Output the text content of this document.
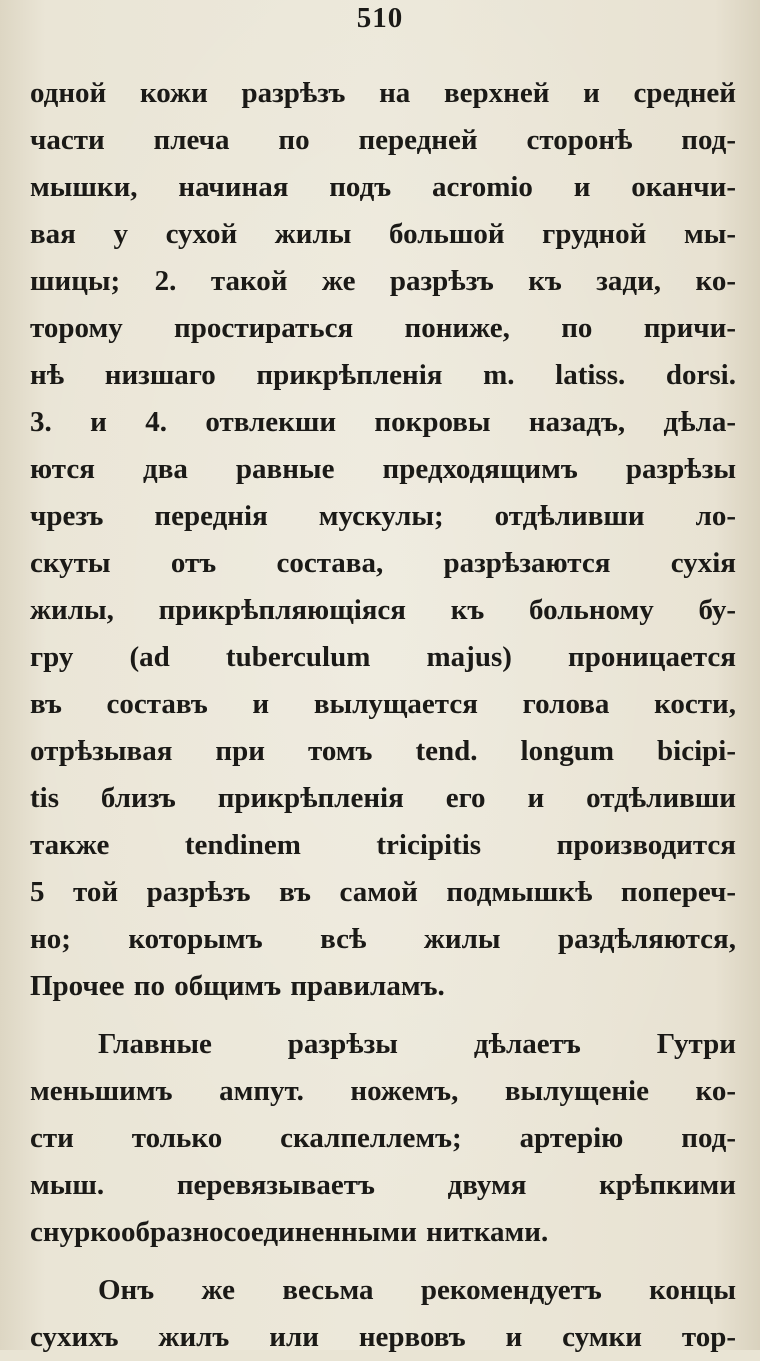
510
одной кожи разрѣзъ на верхней и средней
части плеча по передней сторонѣ под-
мышки, начиная подъ acromio и оканчи-
вая у сухой жилы большой грудной мы-
шицы; 2. такой же разрѣзъ къ зади, ко-
торому простираться пониже, по причи-
нѣ низшаго прикрѣпленія m. latiss. dorsi.
3. и 4. отвлекши покровы назадъ, дѣла-
ются два равные предходящимъ разрѣзы
чрезъ переднія мускулы; отдѣливши ло-
скуты отъ состава, разрѣзаются сухія
жилы, прикрѣпляющіяся къ больному бу-
гру (ad tuberculum majus) проницается
въ составъ и вылущается голова кости,
отрѣзывая при томъ tend. longum bicipi-
tis близъ прикрѣпленія его и отдѣливши
также tendinem tricipitis производится
5 той разрѣзъ въ самой подмышкѣ попереч-
но; которымъ всѣ жилы раздѣляются,
Прочее по общимъ правиламъ.
Главные разрѣзы дѣлаетъ Гутри
меньшимъ ампут. ножемъ, вылущеніе ко-
сти только скалпеллемъ; артерію под-
мыш. перевязываетъ двумя крѣпкими
снуркообразносоединенными нитками.
Онъ же весьма рекомендуетъ концы
сухихъ жилъ или нервовъ и сумки тор-
